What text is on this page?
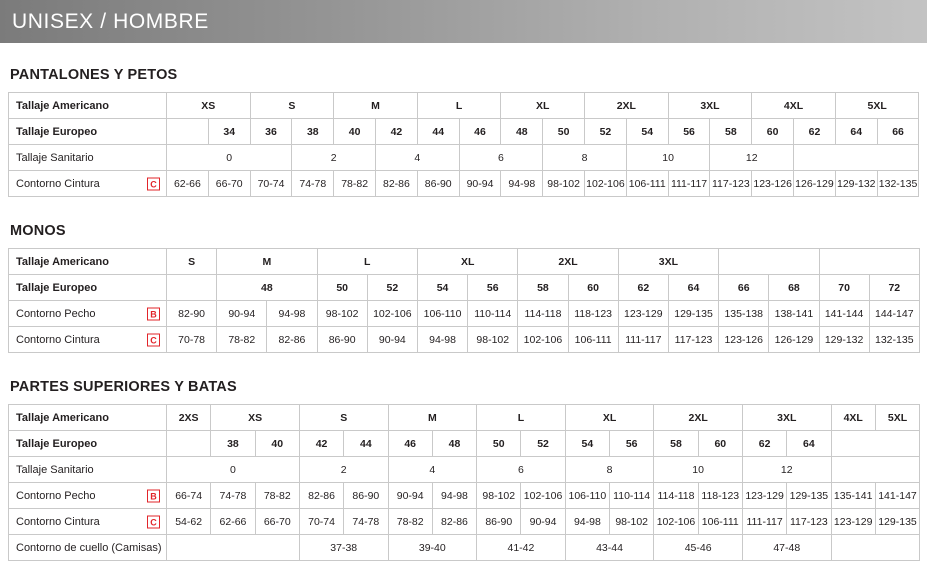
UNISEX / HOMBRE
PANTALONES Y PETOS
Tallaje Americano	XS		S		M		L		XL		2XL		3XL		4XL		5XL	
Tallaje Europeo		34	36	38	40	42	44	46	48	50	52	54	56	58	60	62	64	66
Tallaje Sanitario	0			2		4		6		8		10		12				
Contorno Cintura C	62-66	66-70	70-74	74-78	78-82	82-86	86-90	90-94	94-98	98-102	102-106	106-111	111-117	117-123	123-126	126-129	129-132	132-135
MONOS
Tallaje Americano	S	M		L		XL		2XL		3XL					
Tallaje Europeo		48		50	52	54	56	58	60	62	64	66	68	70	72
Contorno Pecho B	82-90	90-94	94-98	98-102	102-106	106-110	110-114	114-118	118-123	123-129	129-135	135-138	138-141	141-144	144-147
Contorno Cintura C	70-78	78-82	82-86	86-90	90-94	94-98	98-102	102-106	106-111	111-117	117-123	123-126	126-129	129-132	132-135
PARTES SUPERIORES Y BATAS
Tallaje Americano	2XS	XS		S		M		L		XL		2XL		3XL		4XL	5XL
Tallaje Europeo		38	40	42	44	46	48	50	52	54	56	58	60	62	64		
Tallaje Sanitario	0			2		4		6		8		10		12			
Contorno Pecho B	66-74	74-78	78-82	82-86	86-90	90-94	94-98	98-102	102-106	106-110	110-114	114-118	118-123	123-129	129-135	135-141	141-147
Contorno Cintura C	54-62	62-66	66-70	70-74	74-78	78-82	82-86	86-90	90-94	94-98	98-102	102-106	106-111	111-117	117-123	123-129	129-135
Contorno de cuello (Camisas)				37-38		39-40		41-42		43-44		45-46		47-48			
